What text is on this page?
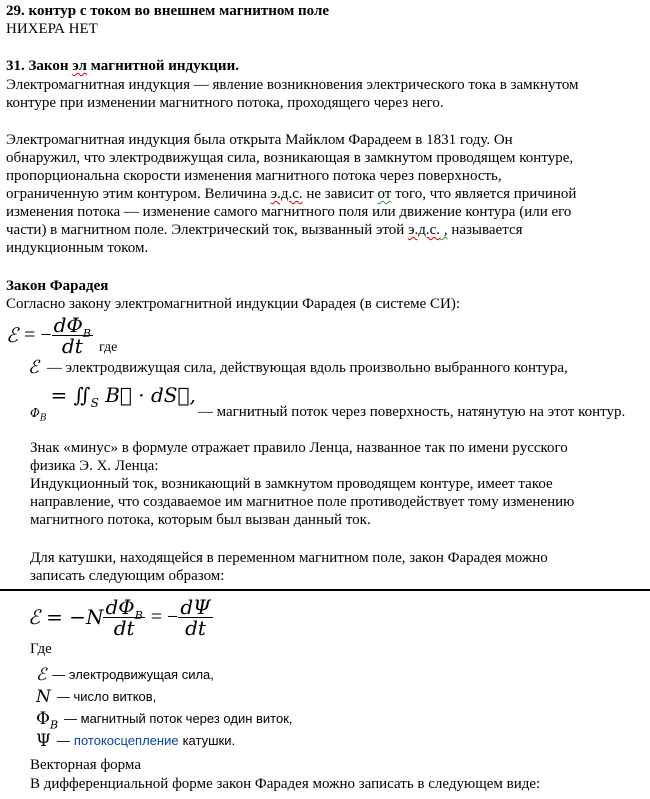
29. контур с током во внешнем магнитном поле
НИХЕРА НЕТ
31. Закон эл магнитной индукции.
Электромагнитная индукция — явление возникновения электрического тока в замкнутом
контуре при изменении магнитного потока, проходящего через него.
Электромагнитная индукция была открыта Майклом Фарадеем в 1831 году. Он
обнаружил, что электродвижущая сила, возникающая в замкнутом проводящем контуре,
пропорциональна скорости изменения магнитного потока через поверхность,
ограниченную этим контуром. Величина э.д.с. не зависит от того, что является причиной
изменения потока — изменение самого магнитного поля или движение контура (или его
части) в магнитном поле. Электрический ток, вызванный этой э.д.с. , называется
индукционным током.
Закон Фарадея
Согласно закону электромагнитной индукции Фарадея (в системе СИ):
ℰ = − $\frac{d\Phi_B}{dt}$ где
ℰ — электродвижущая сила, действующая вдоль произвольно выбранного контура,
$\Phi_B$
= $∬_S$ B⃗ · dS⃗,
— магнитный поток через поверхность, натянутую на этот контур.
Знак «минус» в формуле отражает правило Ленца, названное так по имени русского
физика Э. Х. Ленца:
Индукционный ток, возникающий в замкнутом проводящем контуре, имеет такое
направление, что создаваемое им магнитное поле противодействует тому изменению
магнитного потока, которым был вызван данный ток.
Для катушки, находящейся в переменном магнитном поле, закон Фарадея можно
записать следующим образом:
ℰ = $-N \frac{d\Phi_B}{dt}$ = − $\frac{d\Psi}{dt}$
Где
ℰ — электродвижущая сила,
N — число витков,
$\Phi_B$ — магнитный поток через один виток,
Ψ — потокосцепление катушки.
Векторная форма
В дифференциальной форме закон Фарадея можно записать в следующем виде:
